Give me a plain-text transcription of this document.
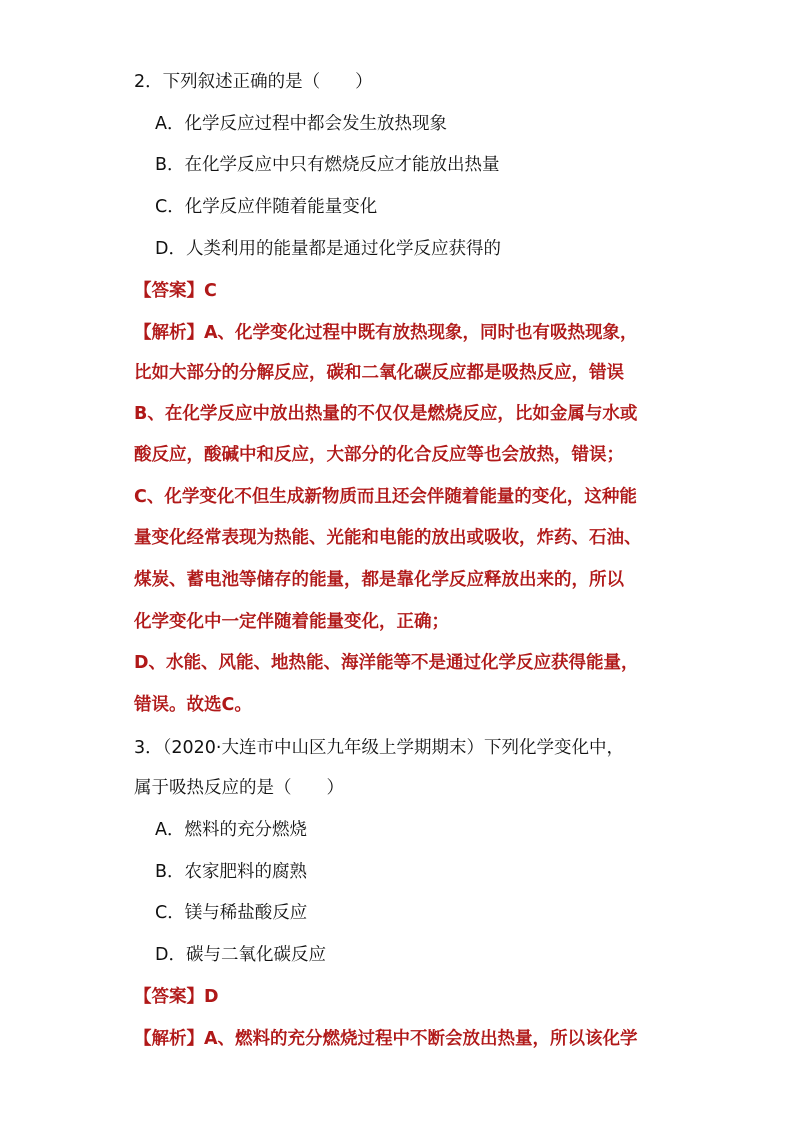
2．下列叙述正确的是（　　）
A．化学反应过程中都会发生放热现象
B．在化学反应中只有燃烧反应才能放出热量
C．化学反应伴随着能量变化
D．人类利用的能量都是通过化学反应获得的
【答案】C
【解析】A、化学变化过程中既有放热现象，同时也有吸热现象，
比如大部分的分解反应，碳和二氧化碳反应都是吸热反应，错误
B、在化学反应中放出热量的不仅仅是燃烧反应，比如金属与水或
酸反应，酸碱中和反应，大部分的化合反应等也会放热，错误；
C、化学变化不但生成新物质而且还会伴随着能量的变化，这种能
量变化经常表现为热能、光能和电能的放出或吸收，炸药、石油、
煤炭、蓄电池等储存的能量，都是靠化学反应释放出来的，所以
化学变化中一定伴随着能量变化，正确；
D、水能、风能、地热能、海洋能等不是通过化学反应获得能量，
错误。故选C。
3．（2020·大连市中山区九年级上学期期末）下列化学变化中，
属于吸热反应的是（　　）
A．燃料的充分燃烧
B．农家肥料的腐熟
C．镁与稀盐酸反应
D．碳与二氧化碳反应
【答案】D
【解析】A、燃料的充分燃烧过程中不断会放出热量，所以该化学
